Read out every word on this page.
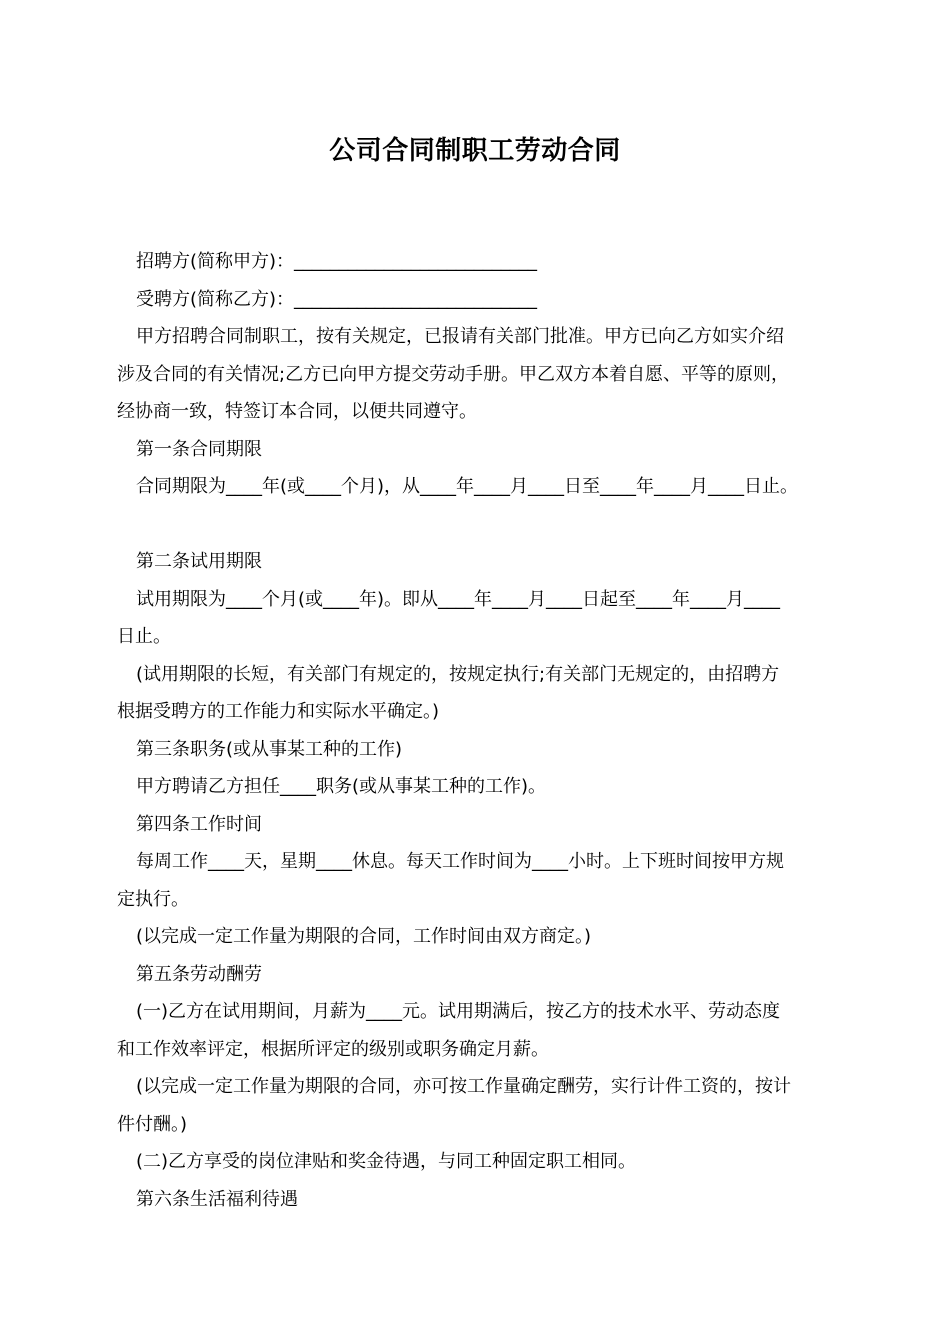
公司合同制职工劳动合同
招聘方(简称甲方)：___________________________
受聘方(简称乙方)：___________________________
甲方招聘合同制职工，按有关规定，已报请有关部门批准。甲方已向乙方如实介绍
涉及合同的有关情况;乙方已向甲方提交劳动手册。甲乙双方本着自愿、平等的原则，
经协商一致，特签订本合同，以便共同遵守。
第一条合同期限
合同期限为____年(或____个月)，从____年____月____日至____年____月____日止。
第二条试用期限
试用期限为____个月(或____年)。即从____年____月____日起至____年____月____
日止。
(试用期限的长短，有关部门有规定的，按规定执行;有关部门无规定的，由招聘方
根据受聘方的工作能力和实际水平确定。)
第三条职务(或从事某工种的工作)
甲方聘请乙方担任____职务(或从事某工种的工作)。
第四条工作时间
每周工作____天，星期____休息。每天工作时间为____小时。上下班时间按甲方规
定执行。
(以完成一定工作量为期限的合同，工作时间由双方商定。)
第五条劳动酬劳
(一)乙方在试用期间，月薪为____元。试用期满后，按乙方的技术水平、劳动态度
和工作效率评定，根据所评定的级别或职务确定月薪。
(以完成一定工作量为期限的合同，亦可按工作量确定酬劳，实行计件工资的，按计
件付酬。)
(二)乙方享受的岗位津贴和奖金待遇，与同工种固定职工相同。
第六条生活福利待遇
